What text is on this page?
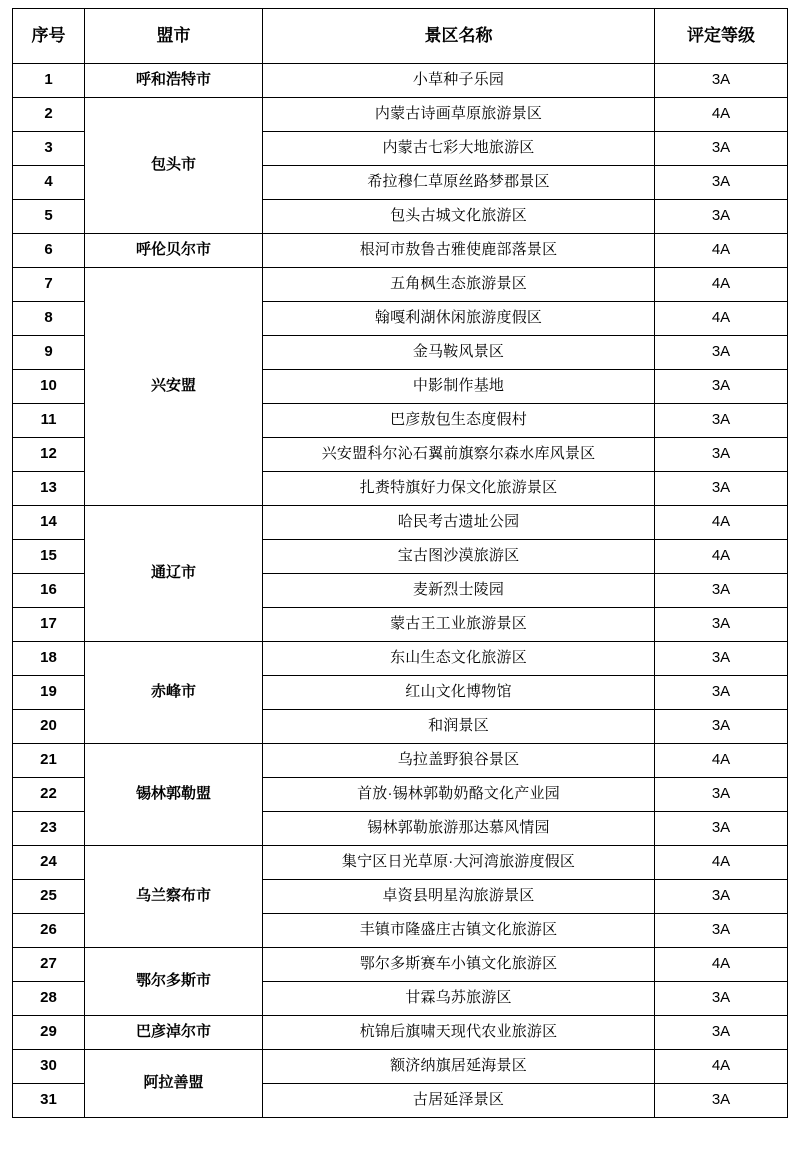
序号	盟市	景区名称	评定等级
1	呼和浩特市	小草种子乐园	3A
2	包头市	内蒙古诗画草原旅游景区	4A
3		内蒙古七彩大地旅游区	3A
4		希拉穆仁草原丝路梦郡景区	3A
5		包头古城文化旅游区	3A
6	呼伦贝尔市	根河市敖鲁古雅使鹿部落景区	4A
7	兴安盟	五角枫生态旅游景区	4A
8		翰嘎利湖休闲旅游度假区	4A
9		金马鞍风景区	3A
10		中影制作基地	3A
11		巴彦敖包生态度假村	3A
12		兴安盟科尔沁石翼前旗察尔森水库风景区	3A
13		扎赉特旗好力保文化旅游景区	3A
14	通辽市	哈民考古遗址公园	4A
15		宝古图沙漠旅游区	4A
16		麦新烈士陵园	3A
17		蒙古王工业旅游景区	3A
18	赤峰市	东山生态文化旅游区	3A
19		红山文化博物馆	3A
20		和润景区	3A
21	锡林郭勒盟	乌拉盖野狼谷景区	4A
22		首放·锡林郭勒奶酪文化产业园	3A
23		锡林郭勒旅游那达慕风情园	3A
24	乌兰察布市	集宁区日光草原·大河湾旅游度假区	4A
25		卓资县明星沟旅游景区	3A
26		丰镇市隆盛庄古镇文化旅游区	3A
27	鄂尔多斯市	鄂尔多斯赛车小镇文化旅游区	4A
28		甘霖乌苏旅游区	3A
29	巴彦淖尔市	杭锦后旗啸天现代农业旅游区	3A
30	阿拉善盟	额济纳旗居延海景区	4A
31		古居延泽景区	3A
